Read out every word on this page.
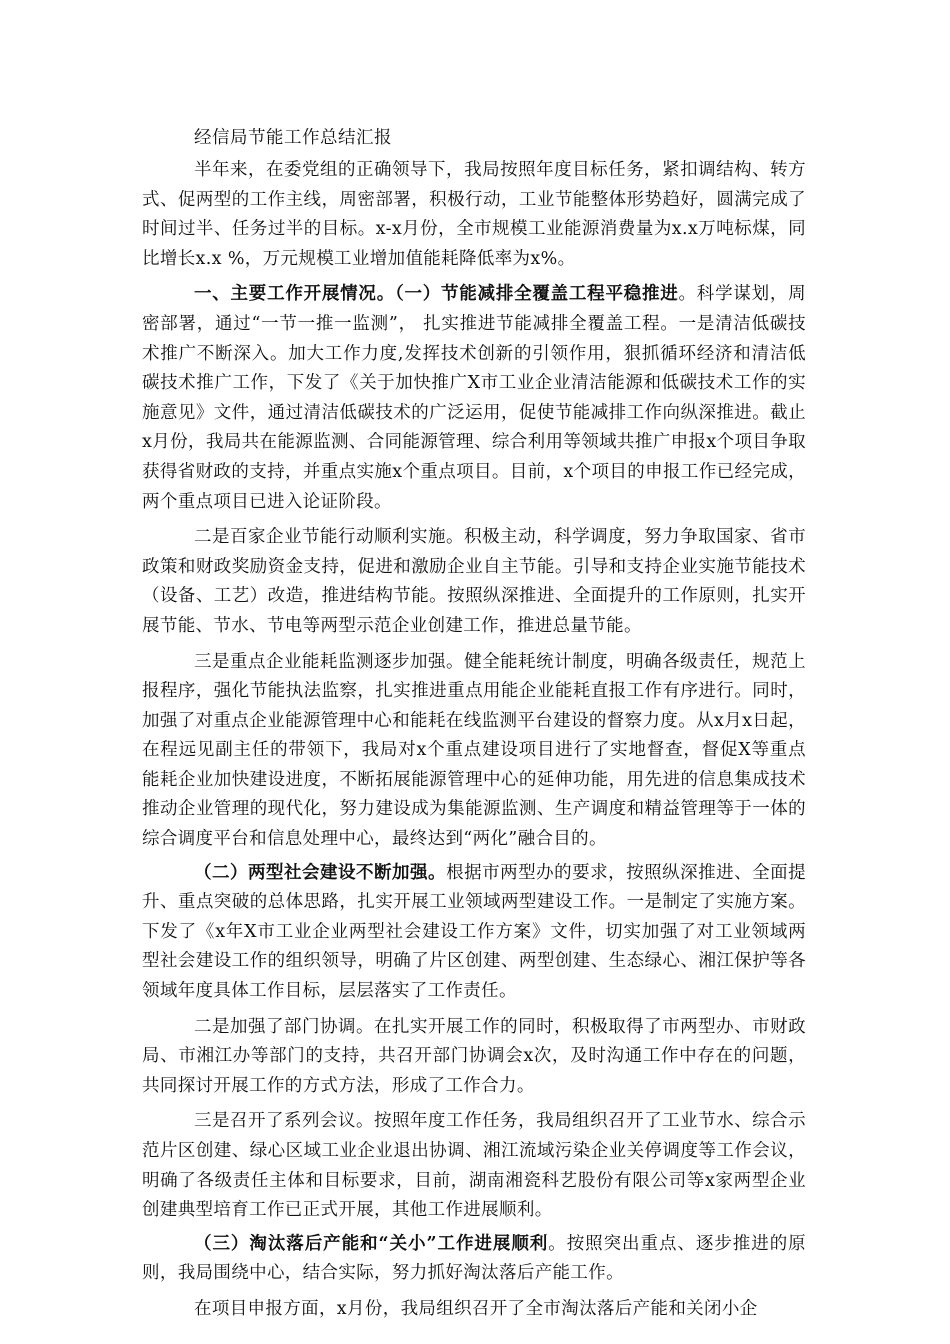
经信局节能工作总结汇报

半年来，在委党组的正确领导下，我局按照年度目标任务，紧扣调结构、转方式、促两型的工作主线，周密部署，积极行动，工业节能整体形势趋好，圆满完成了时间过半、任务过半的目标。x-x月份，全市规模工业能源消费量为x.x万吨标煤，同比增长x.x %，万元规模工业增加值能耗降低率为x%。

一、主要工作开展情况。（一）节能减排全覆盖工程平稳推进。科学谋划，周密部署，通过“一节一推一监测”， 扎实推进节能减排全覆盖工程。一是清洁低碳技术推广不断深入。加大工作力度,发挥技术创新的引领作用，狠抓循环经济和清洁低碳技术推广工作，下发了《关于加快推广X市工业企业清洁能源和低碳技术工作的实施意见》文件，通过清洁低碳技术的广泛运用，促使节能减排工作向纵深推进。截止x月份，我局共在能源监测、合同能源管理、综合利用等领域共推广申报x个项目争取获得省财政的支持，并重点实施x个重点项目。目前，x个项目的申报工作已经完成，两个重点项目已进入论证阶段。

二是百家企业节能行动顺利实施。积极主动，科学调度，努力争取国家、省市政策和财政奖励资金支持，促进和激励企业自主节能。引导和支持企业实施节能技术（设备、工艺）改造，推进结构节能。按照纵深推进、全面提升的工作原则，扎实开展节能、节水、节电等两型示范企业创建工作，推进总量节能。

三是重点企业能耗监测逐步加强。健全能耗统计制度，明确各级责任，规范上报程序，强化节能执法监察，扎实推进重点用能企业能耗直报工作有序进行。同时，加强了对重点企业能源管理中心和能耗在线监测平台建设的督察力度。从x月x日起，在程远见副主任的带领下，我局对x个重点建设项目进行了实地督查，督促X等重点能耗企业加快建设进度，不断拓展能源管理中心的延伸功能，用先进的信息集成技术推动企业管理的现代化，努力建设成为集能源监测、生产调度和精益管理等于一体的综合调度平台和信息处理中心，最终达到“两化”融合目的。

（二）两型社会建设不断加强。根据市两型办的要求，按照纵深推进、全面提升、重点突破的总体思路，扎实开展工业领域两型建设工作。一是制定了实施方案。下发了《x年X市工业企业两型社会建设工作方案》文件，切实加强了对工业领域两型社会建设工作的组织领导，明确了片区创建、两型创建、生态绿心、湘江保护等各领域年度具体工作目标，层层落实了工作责任。

二是加强了部门协调。在扎实开展工作的同时，积极取得了市两型办、市财政局、市湘江办等部门的支持，共召开部门协调会x次，及时沟通工作中存在的问题，共同探讨开展工作的方式方法，形成了工作合力。

三是召开了系列会议。按照年度工作任务，我局组织召开了工业节水、综合示范片区创建、绿心区域工业企业退出协调、湘江流域污染企业关停调度等工作会议，明确了各级责任主体和目标要求，目前，湖南湘瓷科艺股份有限公司等x家两型企业创建典型培育工作已正式开展，其他工作进展顺利。

（三）淘汰落后产能和“关小”工作进展顺利。按照突出重点、逐步推进的原则，我局围绕中心，结合实际，努力抓好淘汰落后产能工作。

在项目申报方面，x月份，我局组织召开了全市淘汰落后产能和关闭小企
